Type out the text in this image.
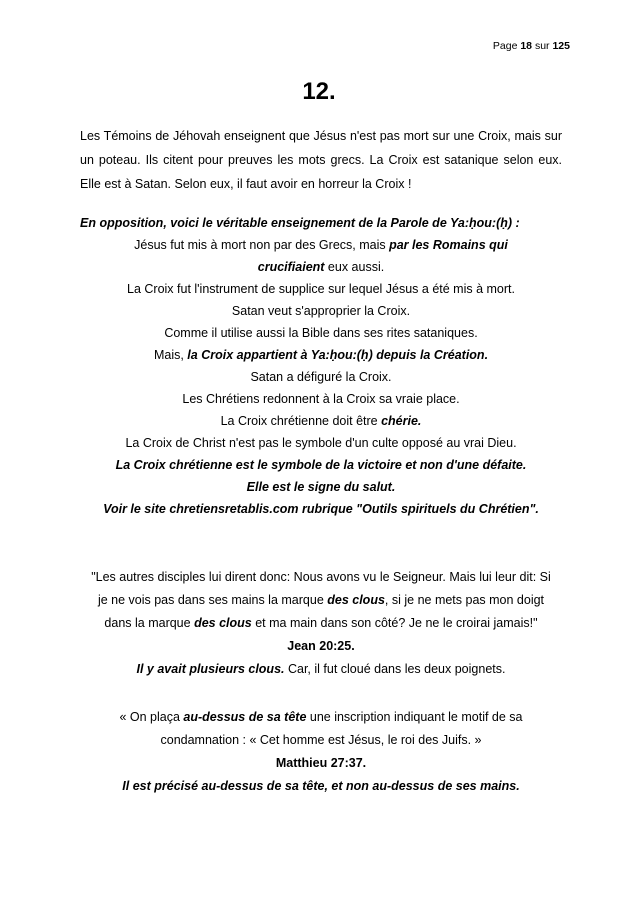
Page 18 sur 125
12.
Les Témoins de Jéhovah enseignent que Jésus n'est pas mort sur une Croix, mais sur un poteau. Ils citent pour preuves les mots grecs. La Croix est satanique selon eux. Elle est à Satan. Selon eux, il faut avoir en horreur la Croix !
En opposition, voici le véritable enseignement de la Parole de Ya:ḥou:(ḥ) :
Jésus fut mis à mort non par des Grecs, mais par les Romains qui
crucifiaient eux aussi.
La Croix fut l'instrument de supplice sur lequel Jésus a été mis à mort.
Satan veut s'approprier la Croix.
Comme il utilise aussi la Bible dans ses rites sataniques.
Mais, la Croix appartient à Ya:ḥou:(ḥ) depuis la Création.
Satan a défiguré la Croix.
Les Chrétiens redonnent à la Croix sa vraie place.
La Croix chrétienne doit être chérie.
La Croix de Christ n'est pas le symbole d'un culte opposé au vrai Dieu.
La Croix chrétienne est le symbole de la victoire et non d'une défaite.
Elle est le signe du salut.
Voir le site chretiensretablis.com rubrique "Outils spirituels du Chrétien".
"Les autres disciples lui dirent donc: Nous avons vu le Seigneur. Mais lui leur dit: Si
je ne vois pas dans ses mains la marque des clous, si je ne mets pas mon doigt
dans la marque des clous et ma main dans son côté? Je ne le croirai jamais!"
Jean 20:25.
Il y avait plusieurs clous. Car, il fut cloué dans les deux poignets.
« On plaça au-dessus de sa tête une inscription indiquant le motif de sa
condamnation : « Cet homme est Jésus, le roi des Juifs. »
Matthieu 27:37.
Il est précisé au-dessus de sa tête, et non au-dessus de ses mains.
